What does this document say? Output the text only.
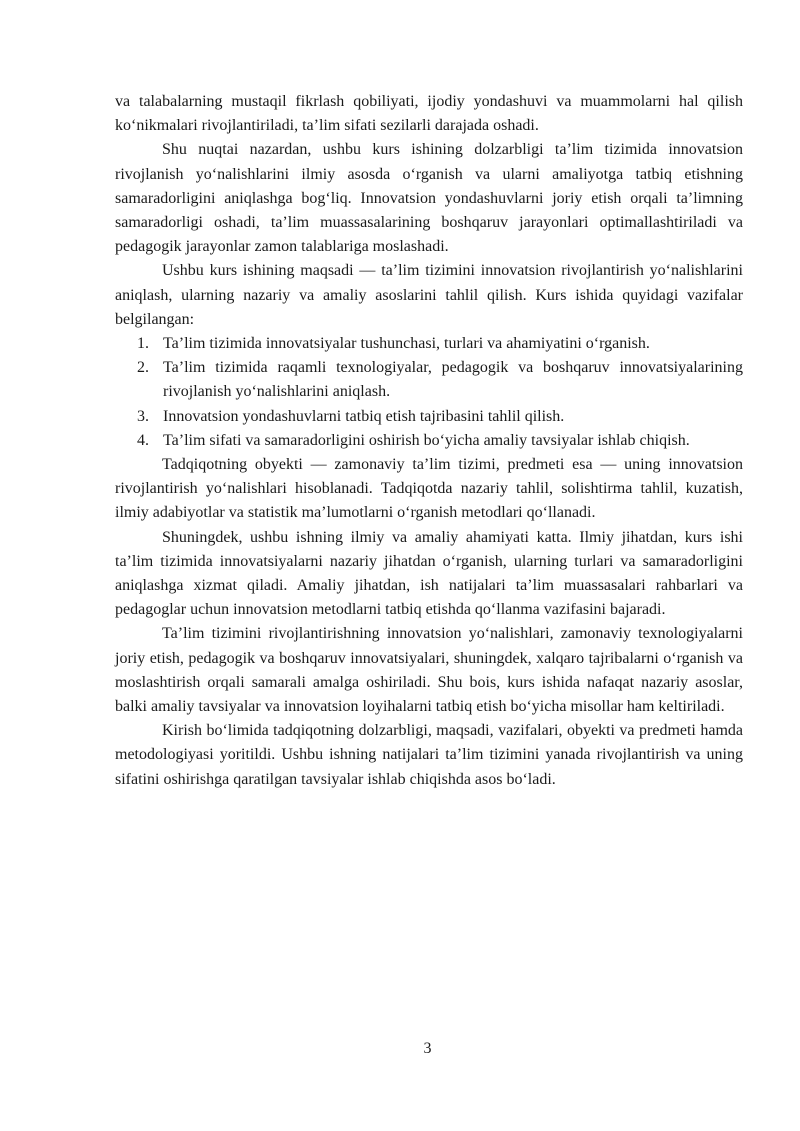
va talabalarning mustaqil fikrlash qobiliyati, ijodiy yondashuvi va muammolarni hal qilish koʻnikmalari rivojlantiriladi, ta’lim sifati sezilarli darajada oshadi.

Shu nuqtai nazardan, ushbu kurs ishining dolzarbligi ta’lim tizimida innovatsion rivojlanish yoʻnalishlarini ilmiy asosda oʻrganish va ularni amaliyotga tatbiq etishning samaradorligini aniqlashga bogʻliq. Innovatsion yondashuvlarni joriy etish orqali ta’limning samaradorligi oshadi, ta’lim muassasalarining boshqaruv jarayonlari optimallashtiriladi va pedagogik jarayonlar zamon talablariga moslashadi.

Ushbu kurs ishining maqsadi — ta’lim tizimini innovatsion rivojlantirish yoʻnalishlarini aniqlash, ularning nazariy va amaliy asoslarini tahlil qilish. Kurs ishida quyidagi vazifalar belgilangan:

1. Ta’lim tizimida innovatsiyalar tushunchasi, turlari va ahamiyatini oʻrganish.
2. Ta’lim tizimida raqamli texnologiyalar, pedagogik va boshqaruv innovatsiyalarining rivojlanish yoʻnalishlarini aniqlash.
3. Innovatsion yondashuvlarni tatbiq etish tajribasini tahlil qilish.
4. Ta’lim sifati va samaradorligini oshirish boʻyicha amaliy tavsiyalar ishlab chiqish.

Tadqiqotning obyekti — zamonaviy ta’lim tizimi, predmeti esa — uning innovatsion rivojlantirish yoʻnalishlari hisoblanadi. Tadqiqotda nazariy tahlil, solishtirma tahlil, kuzatish, ilmiy adabiyotlar va statistik ma’lumotlarni oʻrganish metodlari qoʻllanadi.

Shuningdek, ushbu ishning ilmiy va amaliy ahamiyati katta. Ilmiy jihatdan, kurs ishi ta’lim tizimida innovatsiyalarni nazariy jihatdan oʻrganish, ularning turlari va samaradorligini aniqlashga xizmat qiladi. Amaliy jihatdan, ish natijalari ta’lim muassasalari rahbarlari va pedagoglar uchun innovatsion metodlarni tatbiq etishda qoʻllanma vazifasini bajaradi.

Ta’lim tizimini rivojlantirishning innovatsion yoʻnalishlari, zamonaviy texnologiyalarni joriy etish, pedagogik va boshqaruv innovatsiyalari, shuningdek, xalqaro tajribalarni oʻrganish va moslashtirish orqali samarali amalga oshiriladi. Shu bois, kurs ishida nafaqat nazariy asoslar, balki amaliy tavsiyalar va innovatsion loyihalarni tatbiq etish boʻyicha misollar ham keltiriladi.

Kirish boʻlimida tadqiqotning dolzarbligi, maqsadi, vazifalari, obyekti va predmeti hamda metodologiyasi yoritildi. Ushbu ishning natijalari ta’lim tizimini yanada rivojlantirish va uning sifatini oshirishga qaratilgan tavsiyalar ishlab chiqishda asos boʻladi.

3
